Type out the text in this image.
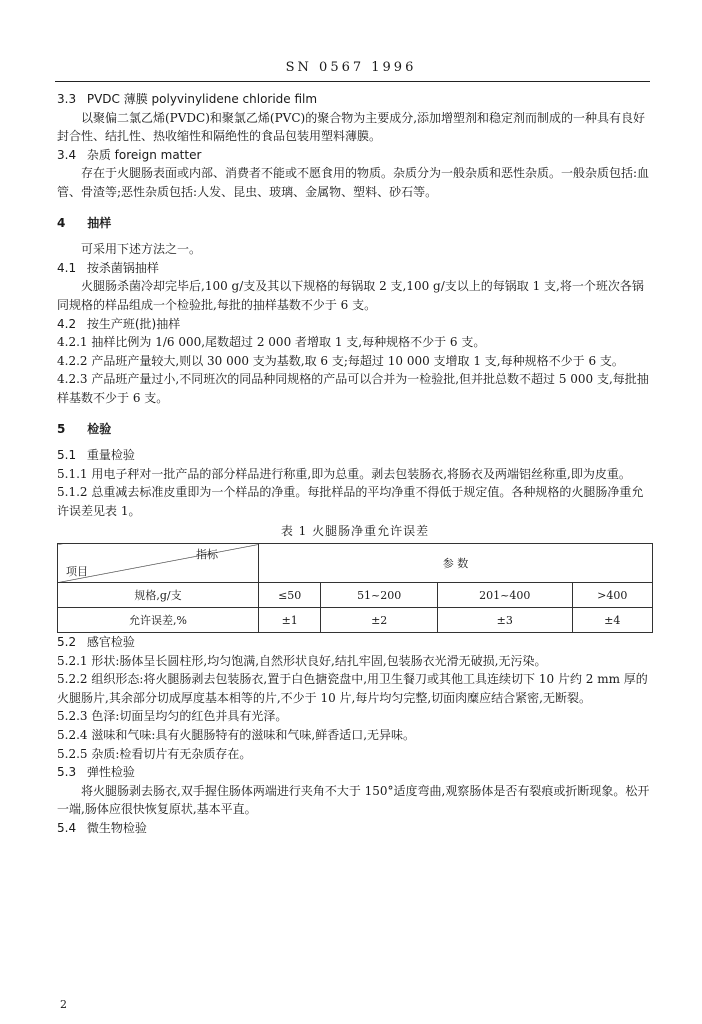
SN 0567 1996

3.3 PVDC 薄膜 polyvinylidene chloride film

以聚偏二氯乙烯(PVDC)和聚氯乙烯(PVC)的聚合物为主要成分,添加增塑剂和稳定剂而制成的一种具有良好封合性、结扎性、热收缩性和隔绝性的食品包装用塑料薄膜。

3.4 杂质 foreign matter

存在于火腿肠表面或内部、消费者不能或不愿食用的物质。杂质分为一般杂质和恶性杂质。一般杂质包括:血管、骨渣等;恶性杂质包括:人发、昆虫、玻璃、金属物、塑料、砂石等。

4 抽样

可采用下述方法之一。

4.1 按杀菌锅抽样

火腿肠杀菌冷却完毕后,100 g/支及其以下规格的每锅取 2 支,100 g/支以上的每锅取 1 支,将一个班次各锅同规格的样品组成一个检验批,每批的抽样基数不少于 6 支。

4.2 按生产班(批)抽样

4.2.1 抽样比例为 1/6 000,尾数超过 2 000 者增取 1 支,每种规格不少于 6 支。

4.2.2 产品班产量较大,则以 30 000 支为基数,取 6 支;每超过 10 000 支增取 1 支,每种规格不少于 6 支。

4.2.3 产品班产量过小,不同班次的同品种同规格的产品可以合并为一检验批,但并批总数不超过 5 000 支,每批抽样基数不少于 6 支。

5 检验

5.1 重量检验

5.1.1 用电子秤对一批产品的部分样品进行称重,即为总重。剥去包装肠衣,将肠衣及两端铝丝称重,即为皮重。

5.1.2 总重减去标准皮重即为一个样品的净重。每批样品的平均净重不得低于规定值。各种规格的火腿肠净重允许误差见表 1。

表 1 火腿肠净重允许误差

指标
项目	参 数			
规格,g/支	≤50	51~200	201~400	>400
允许误差,%	±1	±2	±3	±4

5.2 感官检验

5.2.1 形状:肠体呈长圆柱形,均匀饱满,自然形状良好,结扎牢固,包装肠衣光滑无破损,无污染。

5.2.2 组织形态:将火腿肠剥去包装肠衣,置于白色搪瓷盘中,用卫生餐刀或其他工具连续切下 10 片约 2 mm 厚的火腿肠片,其余部分切成厚度基本相等的片,不少于 10 片,每片均匀完整,切面肉糜应结合紧密,无断裂。

5.2.3 色泽:切面呈均匀的红色并具有光泽。

5.2.4 滋味和气味:具有火腿肠特有的滋味和气味,鲜香适口,无异味。

5.2.5 杂质:检看切片有无杂质存在。

5.3 弹性检验

将火腿肠剥去肠衣,双手握住肠体两端进行夹角不大于 150°适度弯曲,观察肠体是否有裂痕或折断现象。松开一端,肠体应很快恢复原状,基本平直。

5.4 微生物检验

2
